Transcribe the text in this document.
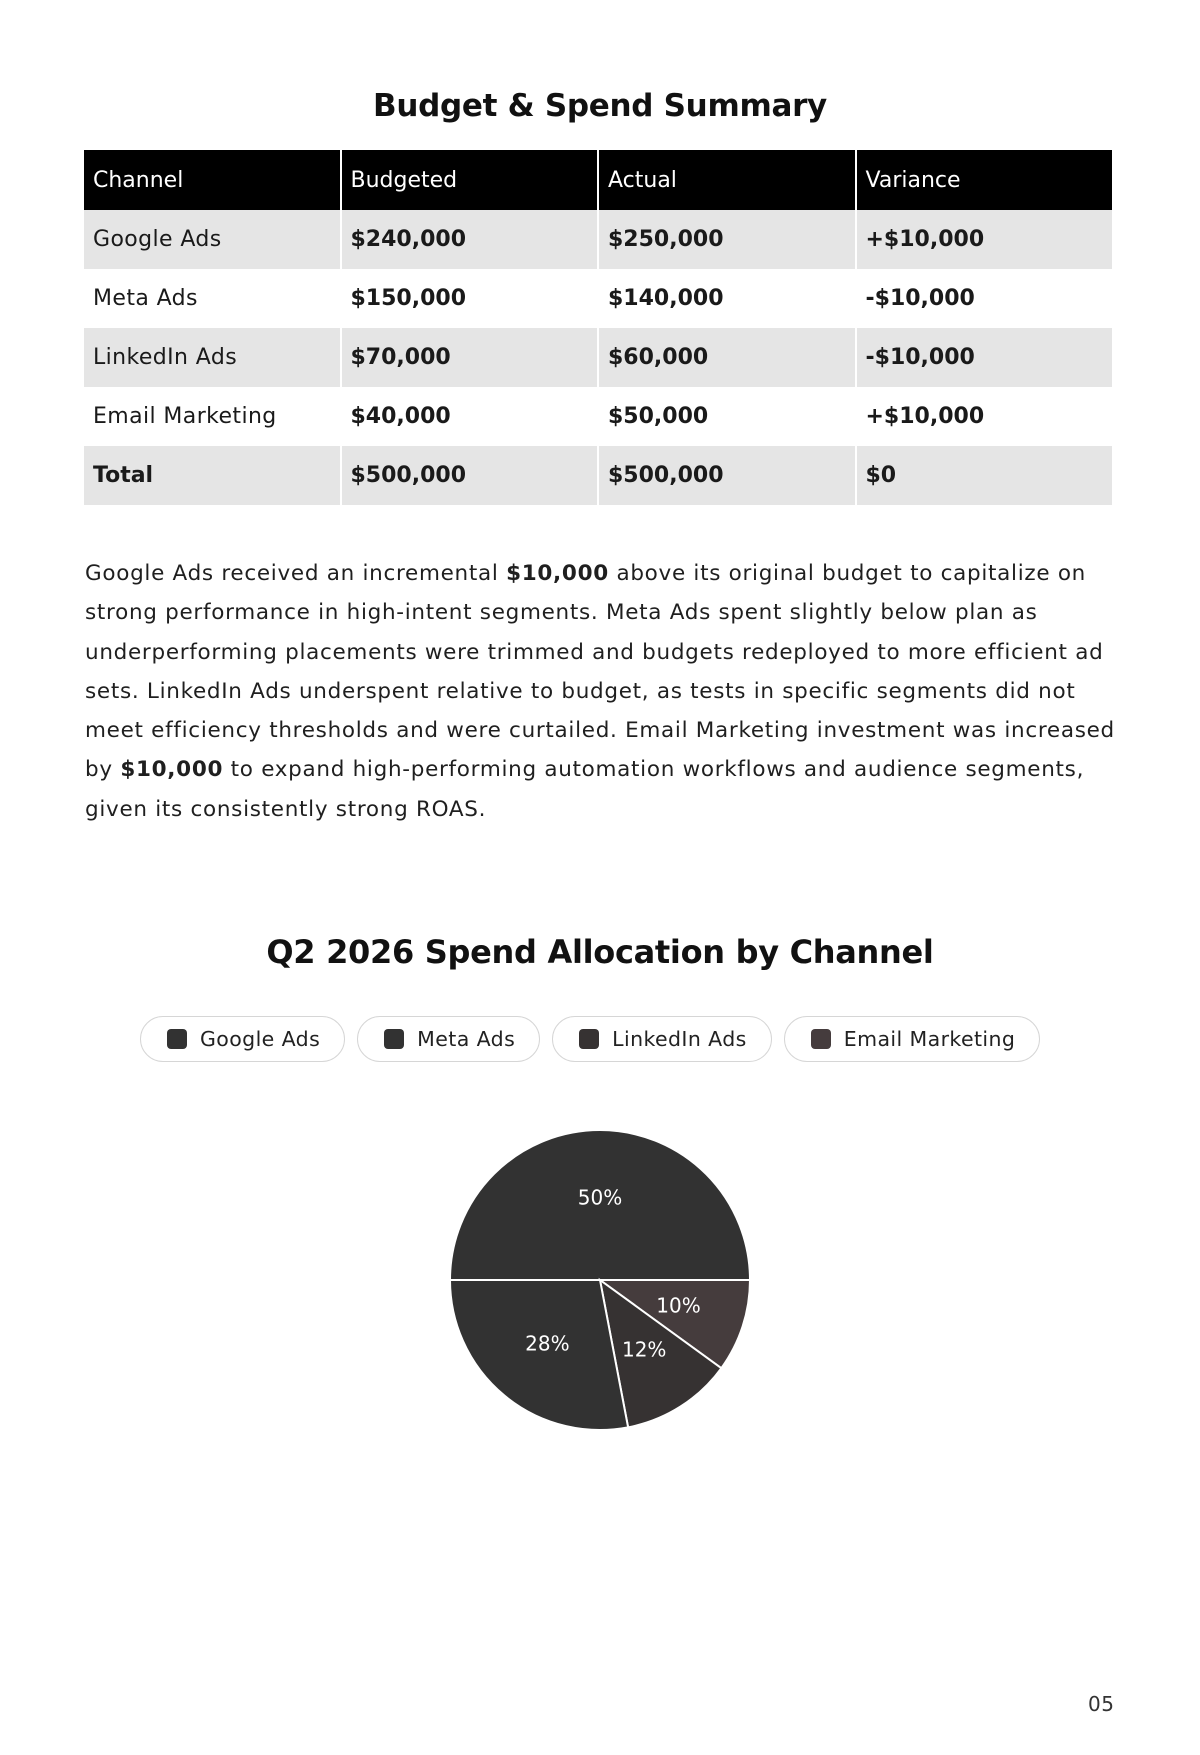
Budget & Spend Summary
Channel	Budgeted	Actual	Variance
Google Ads	$240,000	$250,000	+$10,000
Meta Ads	$150,000	$140,000	-$10,000
LinkedIn Ads	$70,000	$60,000	-$10,000
Email Marketing	$40,000	$50,000	+$10,000
Total	$500,000	$500,000	$0

Google Ads received an incremental $10,000 above its original budget to capitalize on strong performance in high-intent segments. Meta Ads spent slightly below plan as underperforming placements were trimmed and budgets redeployed to more efficient ad sets. LinkedIn Ads underspent relative to budget, as tests in specific segments did not meet efficiency thresholds and were curtailed. Email Marketing investment was increased by $10,000 to expand high-performing automation workflows and audience segments, given its consistently strong ROAS.

Q2 2026 Spend Allocation by Channel
Google Ads	Meta Ads	LinkedIn Ads	Email Marketing
50%
10%
12%
28%
05
